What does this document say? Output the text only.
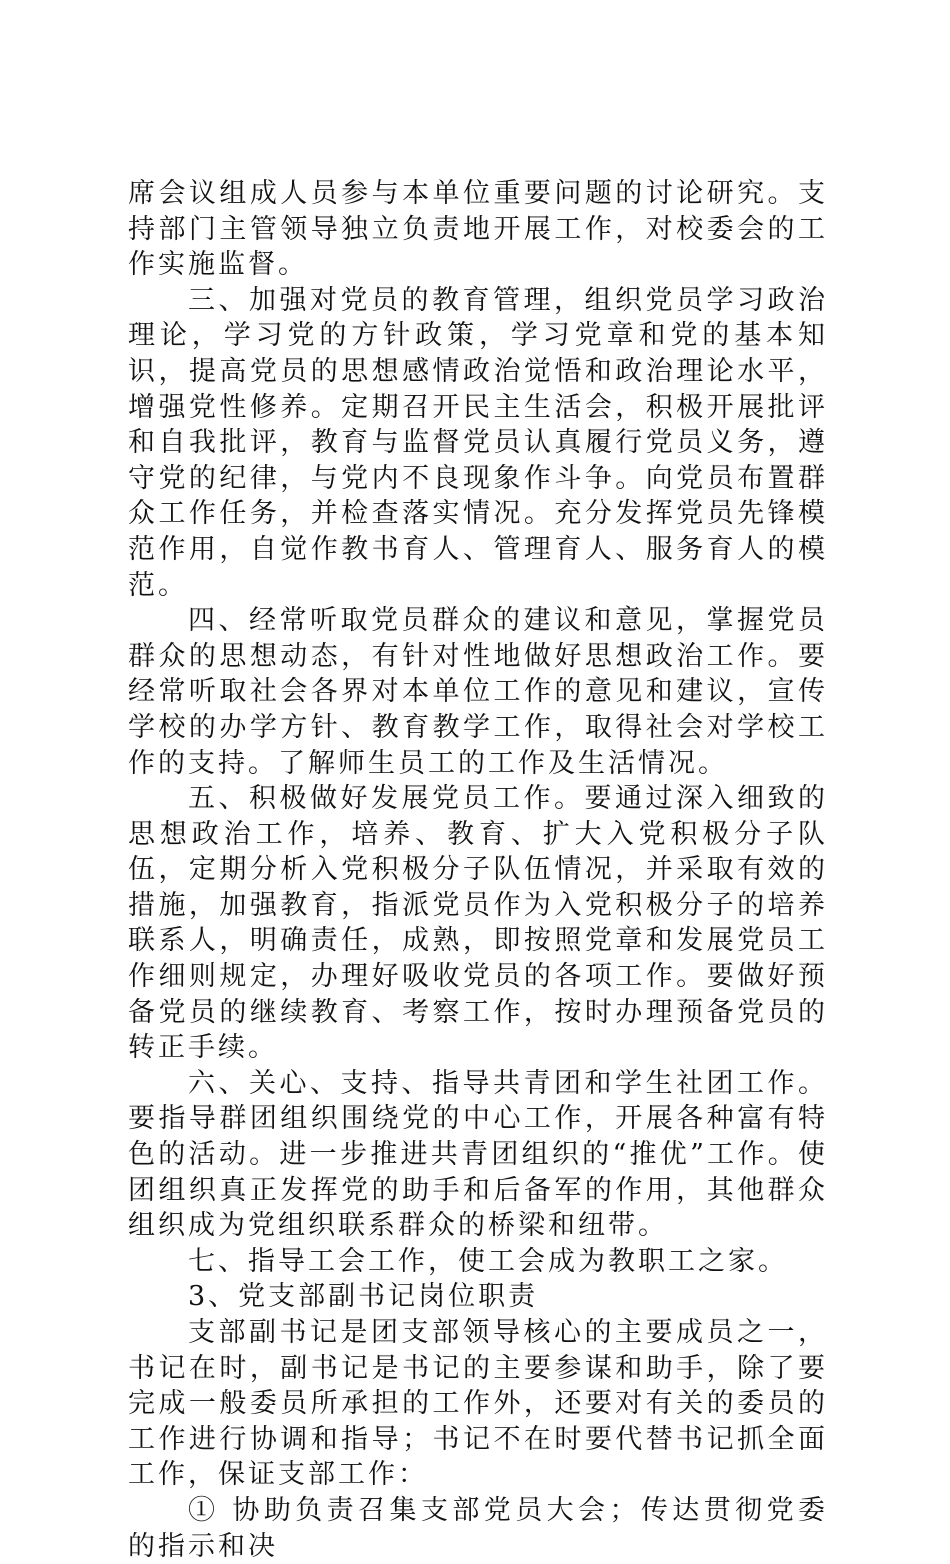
席会议组成人员参与本单位重要问题的讨论研究。支持部门主管领导独立负责地开展工作，对校委会的工作实施监督。

三、加强对党员的教育管理，组织党员学习政治理论，学习党的方针政策，学习党章和党的基本知识，提高党员的思想感情政治觉悟和政治理论水平，增强党性修养。定期召开民主生活会，积极开展批评和自我批评，教育与监督党员认真履行党员义务，遵守党的纪律，与党内不良现象作斗争。向党员布置群众工作任务，并检查落实情况。充分发挥党员先锋模范作用，自觉作教书育人、管理育人、服务育人的模范。

四、经常听取党员群众的建议和意见，掌握党员群众的思想动态，有针对性地做好思想政治工作。要经常听取社会各界对本单位工作的意见和建议，宣传学校的办学方针、教育教学工作，取得社会对学校工作的支持。了解师生员工的工作及生活情况。

五、积极做好发展党员工作。要通过深入细致的思想政治工作，培养、教育、扩大入党积极分子队伍，定期分析入党积极分子队伍情况，并采取有效的措施，加强教育，指派党员作为入党积极分子的培养联系人，明确责任，成熟，即按照党章和发展党员工作细则规定，办理好吸收党员的各项工作。要做好预备党员的继续教育、考察工作，按时办理预备党员的转正手续。

六、关心、支持、指导共青团和学生社团工作。要指导群团组织围绕党的中心工作，开展各种富有特色的活动。进一步推进共青团组织的“推优”工作。使团组织真正发挥党的助手和后备军的作用，其他群众组织成为党组织联系群众的桥梁和纽带。

七、指导工会工作，使工会成为教职工之家。

3、党支部副书记岗位职责

支部副书记是团支部领导核心的主要成员之一，书记在时，副书记是书记的主要参谋和助手，除了要完成一般委员所承担的工作外，还要对有关的委员的工作进行协调和指导；书记不在时要代替书记抓全面工作，保证支部工作：

① 协助负责召集支部党员大会；传达贯彻党委的指示和决
